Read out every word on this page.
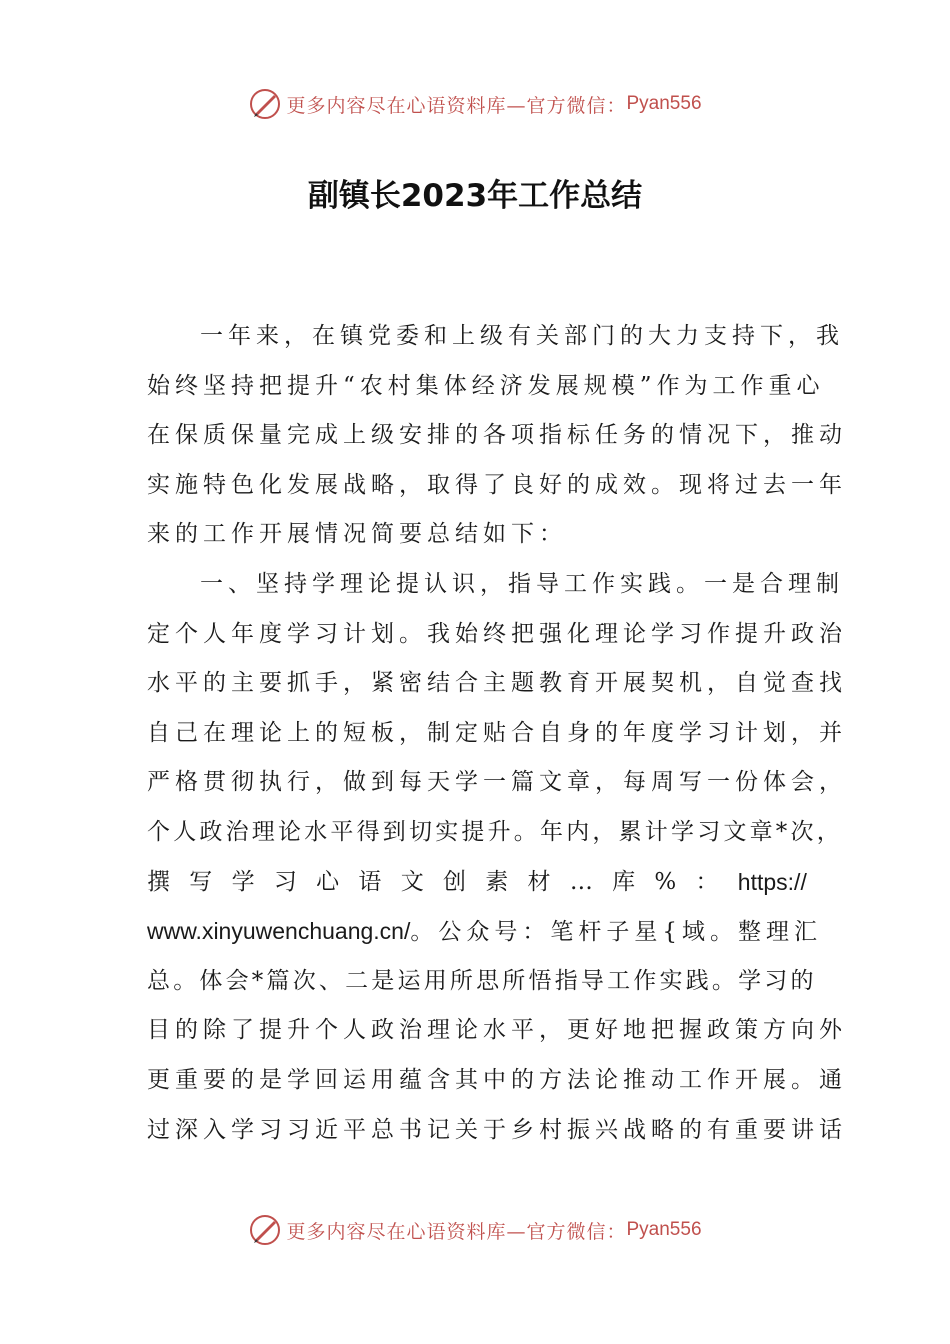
更多内容尽在心语资料库—官方微信： Pyan556
副镇长2023年工作总结
一年来，在镇党委和上级有关部门的大力支持下，我
始终坚持把提升“农村集体经济发展规模”作为工作重心
在保质保量完成上级安排的各项指标任务的情况下，推动
实施特色化发展战略，取得了良好的成效。现将过去一年
来的工作开展情况简要总结如下：
一、坚持学理论提认识，指导工作实践。一是合理制
定个人年度学习计划。我始终把强化理论学习作提升政治
水平的主要抓手，紧密结合主题教育开展契机，自觉查找
自己在理论上的短板，制定贴合自身的年度学习计划，并
严格贯彻执行，做到每天学一篇文章，每周写一份体会，
个人政治理论水平得到切实提升。年内，累计学习文章*次，
撰 写 学 习 心 语 文 创 素 材 … 库 % ： https://
www.xinyuwenchuang.cn/。公众号：笔杆子星{域。整理汇
总。体会*篇次、二是运用所思所悟指导工作实践。学习的
目的除了提升个人政治理论水平，更好地把握政策方向外
更重要的是学回运用蕴含其中的方法论推动工作开展。通
过深入学习习近平总书记关于乡村振兴战略的有重要讲话
更多内容尽在心语资料库—官方微信： Pyan556
